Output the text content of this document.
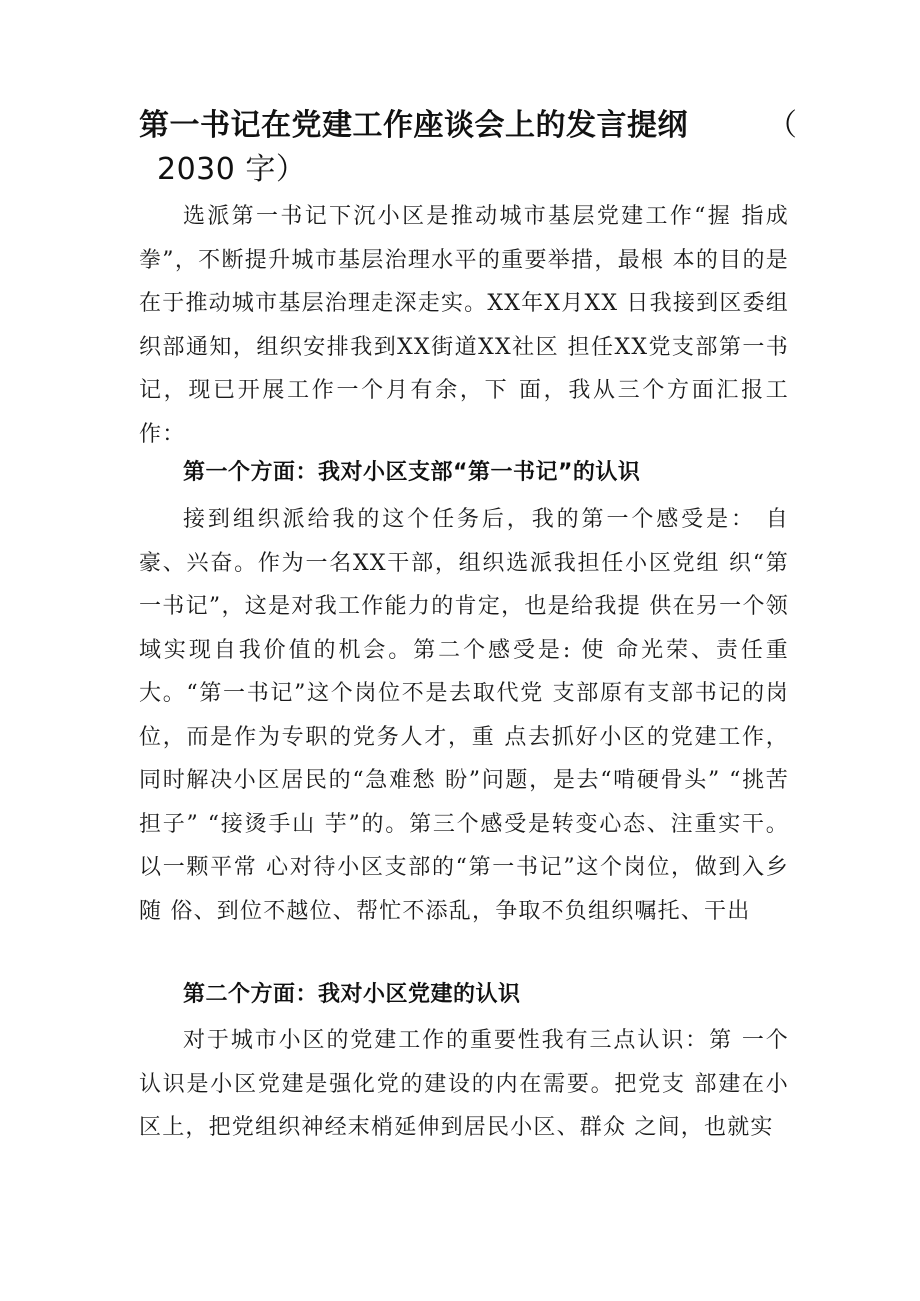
第一书记在党建工作座谈会上的发言提纲	（
2030 字）

选派第一书记下沉小区是推动城市基层党建工作“握 指成拳”，不断提升城市基层治理水平的重要举措，最根 本的目的是在于推动城市基层治理走深走实。XX年X月XX 日我接到区委组织部通知，组织安排我到XX街道XX社区 担任XX党支部第一书记，现已开展工作一个月有余，下 面，我从三个方面汇报工作：

第一个方面：我对小区支部“第一书记”的认识

接到组织派给我的这个任务后，我的第一个感受是： 自豪、兴奋。作为一名XX干部，组织选派我担任小区党组 织“第一书记”，这是对我工作能力的肯定，也是给我提 供在另一个领域实现自我价值的机会。第二个感受是: 使 命光荣、责任重大。“第一书记”这个岗位不是去取代党 支部原有支部书记的岗位，而是作为专职的党务人才，重 点去抓好小区的党建工作，同时解决小区居民的“急难愁 盼”问题，是去“啃硬骨头” “挑苦担子” “接烫手山 芋”的。第三个感受是转变心态、注重实干。以一颗平常 心对待小区支部的“第一书记”这个岗位，做到入乡随 俗、到位不越位、帮忙不添乱，争取不负组织嘱托、干出

第二个方面：我对小区党建的认识

对于城市小区的党建工作的重要性我有三点认识：第 一个认识是小区党建是强化党的建设的内在需要。把党支 部建在小区上，把党组织神经末梢延伸到居民小区、群众 之间，也就实
